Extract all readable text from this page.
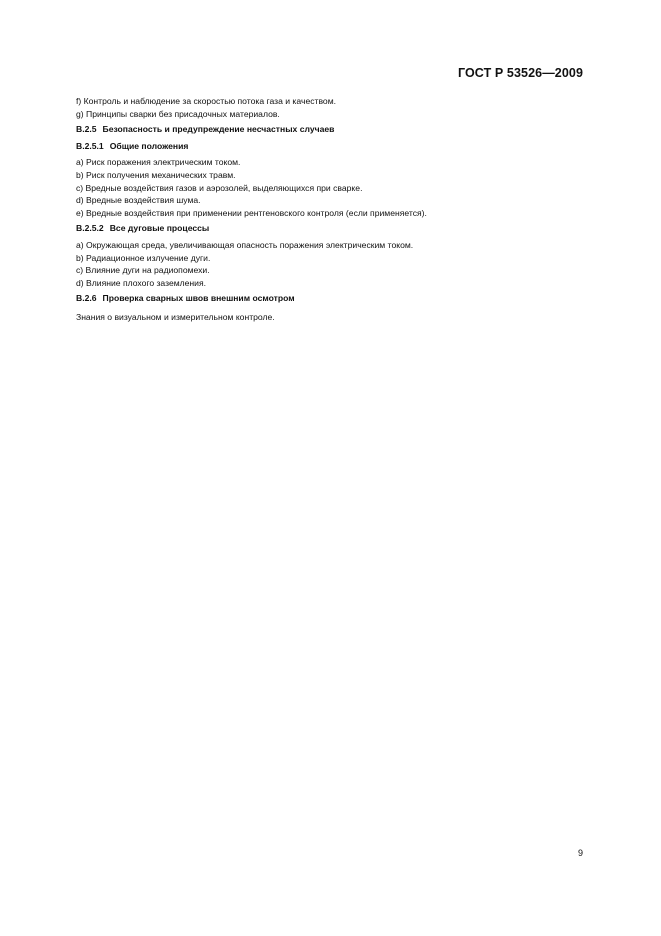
ГОСТ Р 53526—2009

f) Контроль и наблюдение за скоростью потока газа и качеством.

g) Принципы сварки без присадочных материалов.

В.2.5 Безопасность и предупреждение несчастных случаев

В.2.5.1 Общие положения

a) Риск поражения электрическим током.

b) Риск получения механических травм.

c) Вредные воздействия газов и аэрозолей, выделяющихся при сварке.

d) Вредные воздействия шума.

e) Вредные воздействия при применении рентгеновского контроля (если применяется).

В.2.5.2 Все дуговые процессы

a) Окружающая среда, увеличивающая опасность поражения электрическим током.

b) Радиационное излучение дуги.

c) Влияние дуги на радиопомехи.

d) Влияние плохого заземления.

В.2.6 Проверка сварных швов внешним осмотром

Знания о визуальном и измерительном контроле.

9
